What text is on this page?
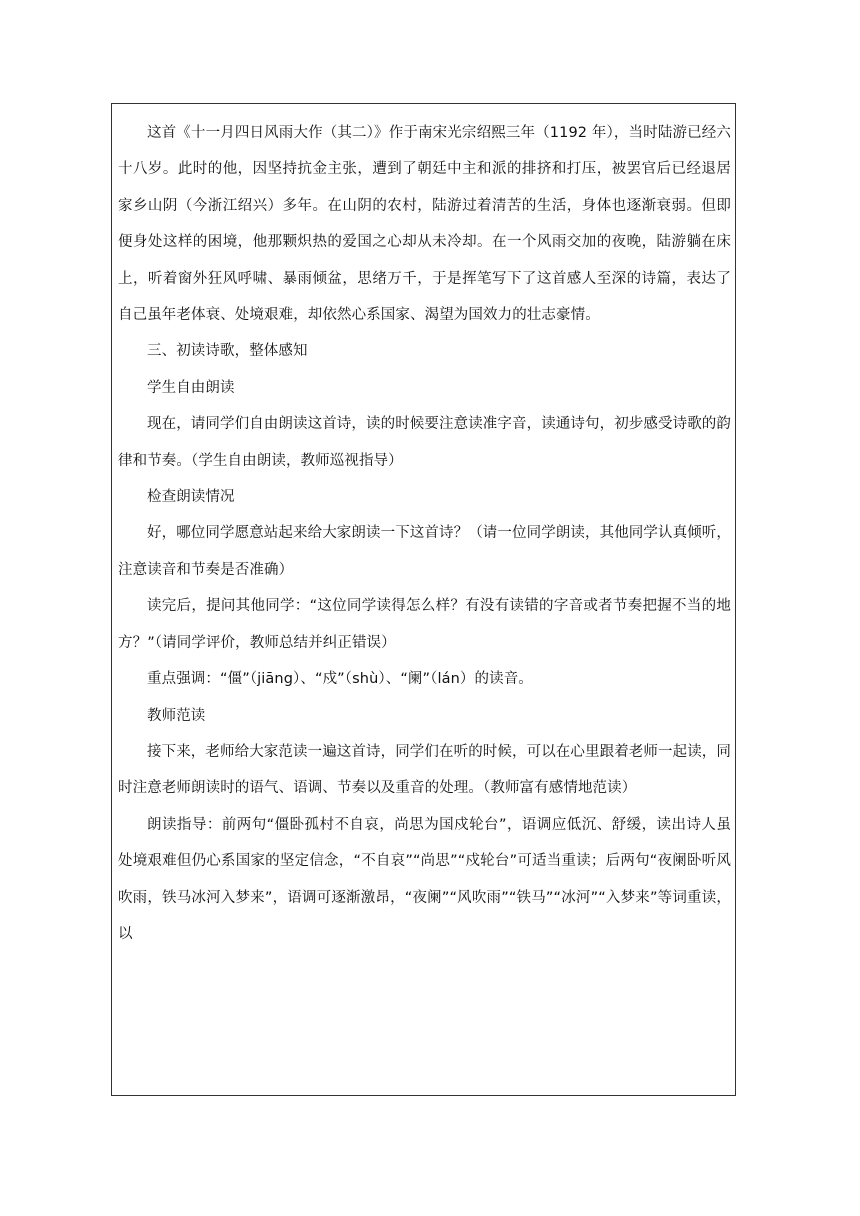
这首《十一月四日风雨大作（其二）》作于南宋光宗绍熙三年（1192 年），当时陆游已经六十八岁。此时的他，因坚持抗金主张，遭到了朝廷中主和派的排挤和打压，被罢官后已经退居家乡山阴（今浙江绍兴）多年。在山阴的农村，陆游过着清苦的生活，身体也逐渐衰弱。但即便身处这样的困境，他那颗炽热的爱国之心却从未冷却。在一个风雨交加的夜晚，陆游躺在床上，听着窗外狂风呼啸、暴雨倾盆，思绪万千，于是挥笔写下了这首感人至深的诗篇，表达了自己虽年老体衰、处境艰难，却依然心系国家、渴望为国效力的壮志豪情。

三、初读诗歌，整体感知

学生自由朗读

现在，请同学们自由朗读这首诗，读的时候要注意读准字音，读通诗句，初步感受诗歌的韵律和节奏。（学生自由朗读，教师巡视指导）

检查朗读情况

好，哪位同学愿意站起来给大家朗读一下这首诗？（请一位同学朗读，其他同学认真倾听，注意读音和节奏是否准确）

读完后，提问其他同学：“这位同学读得怎么样？有没有读错的字音或者节奏把握不当的地方？”（请同学评价，教师总结并纠正错误）

重点强调：“僵”（jiāng）、“戍”（shù）、“阑”（lán）的读音。

教师范读

接下来，老师给大家范读一遍这首诗，同学们在听的时候，可以在心里跟着老师一起读，同时注意老师朗读时的语气、语调、节奏以及重音的处理。（教师富有感情地范读）

朗读指导：前两句“僵卧孤村不自哀，尚思为国戍轮台”，语调应低沉、舒缓，读出诗人虽处境艰难但仍心系国家的坚定信念，“不自哀”“尚思”“戍轮台”可适当重读；后两句“夜阑卧听风吹雨，铁马冰河入梦来”，语调可逐渐激昂，“夜阑”“风吹雨”“铁马”“冰河”“入梦来”等词重读，以
